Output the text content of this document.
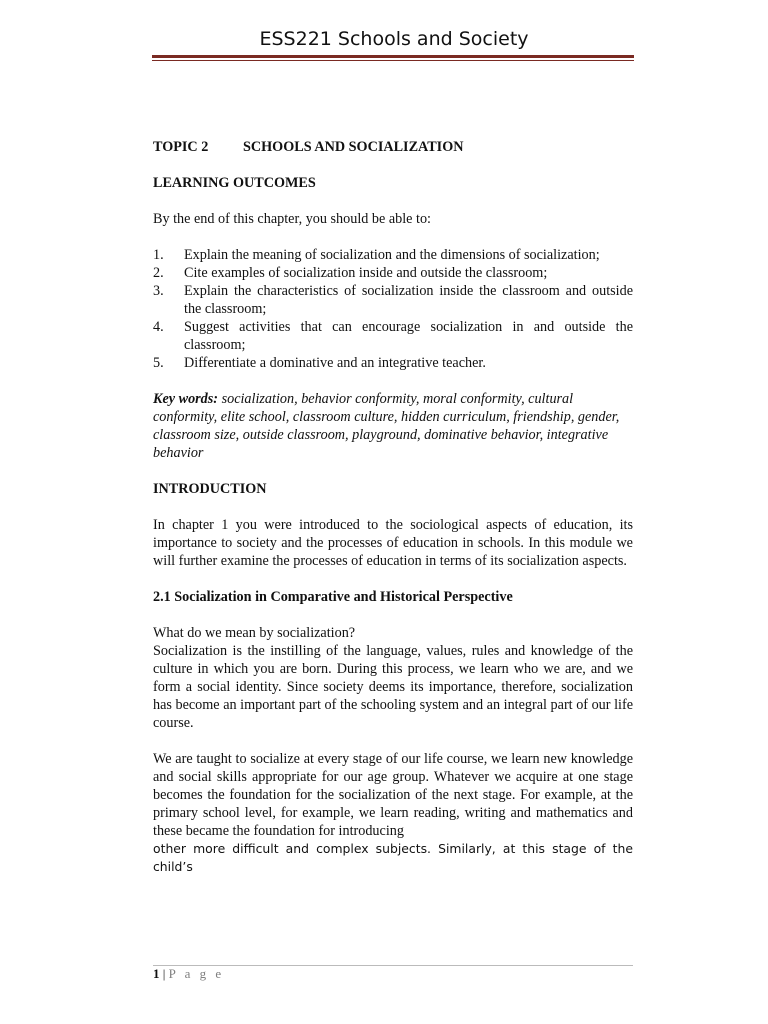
ESS221 Schools and Society

TOPIC 2 SCHOOLS AND SOCIALIZATION

LEARNING OUTCOMES

By the end of this chapter, you should be able to:

1.	Explain the meaning of socialization and the dimensions of socialization;
2.	Cite examples of socialization inside and outside the classroom;
3.	Explain the characteristics of socialization inside the classroom and outside the classroom;
4.	Suggest activities that can encourage socialization in and outside the classroom;
5.	Differentiate a dominative and an integrative teacher.

Key words: socialization, behavior conformity, moral conformity, cultural conformity, elite school, classroom culture, hidden curriculum, friendship, gender, classroom size, outside classroom, playground, dominative behavior, integrative behavior

INTRODUCTION

In chapter 1 you were introduced to the sociological aspects of education, its importance to society and the processes of education in schools. In this module we will further examine the processes of education in terms of its socialization aspects.

2.1 Socialization in Comparative and Historical Perspective

What do we mean by socialization?

Socialization is the instilling of the language, values, rules and knowledge of the culture in which you are born. During this process, we learn who we are, and we form a social identity. Since society deems its importance, therefore, socialization has become an important part of the schooling system and an integral part of our life course.

We are taught to socialize at every stage of our life course, we learn new knowledge and social skills appropriate for our age group. Whatever we acquire at one stage becomes the foundation for the socialization of the next stage. For example, at the primary school level, for example, we learn reading, writing and mathematics and these became the foundation for introducing

other more difficult and complex subjects. Similarly, at this stage of the child’s

1 | P a g e
